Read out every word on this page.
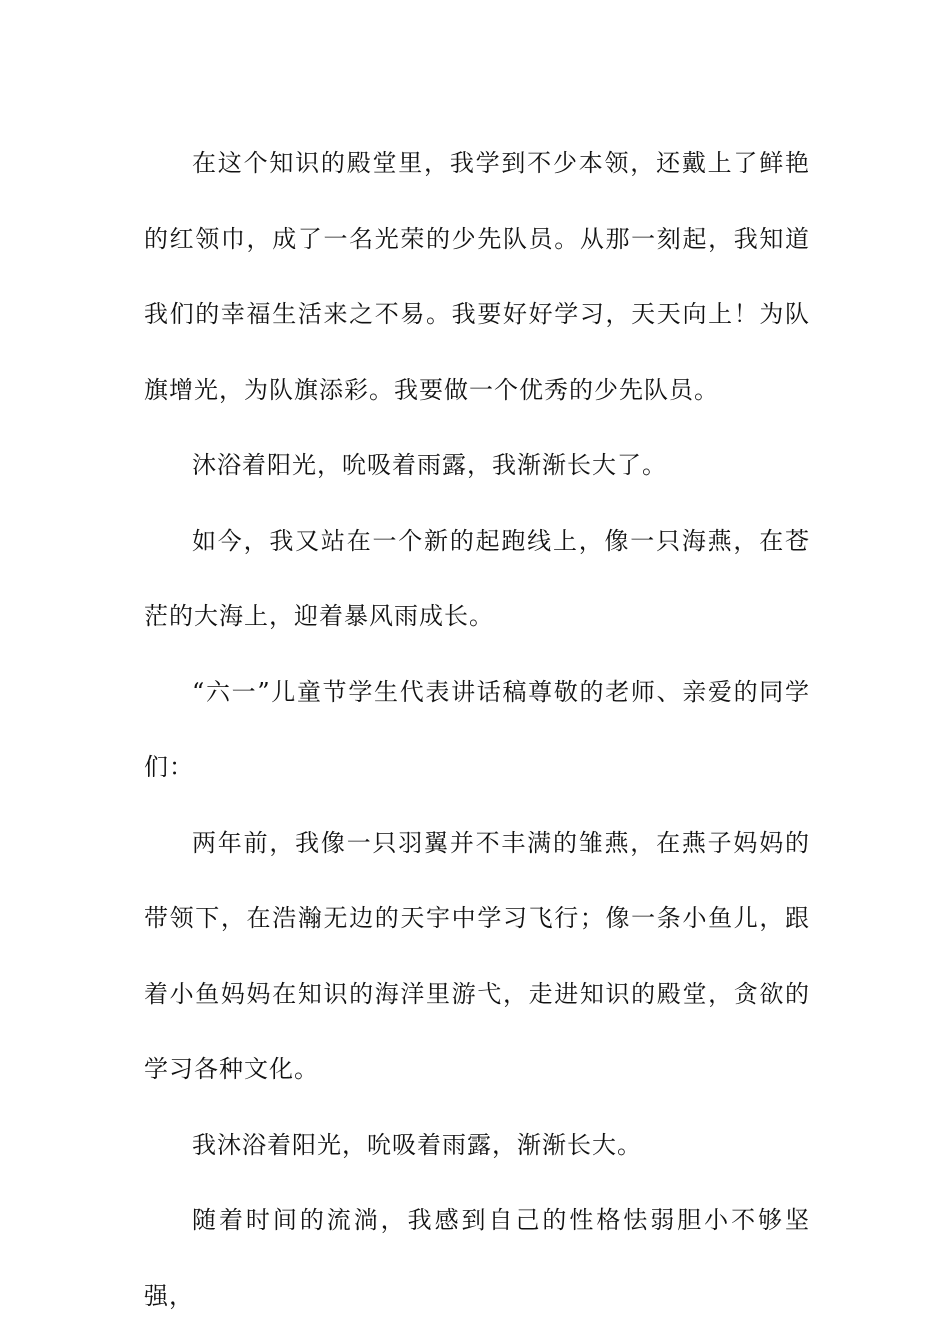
在这个知识的殿堂里，我学到不少本领，还戴上了鲜艳的红领巾，成了一名光荣的少先队员。从那一刻起，我知道我们的幸福生活来之不易。我要好好学习，天天向上！为队旗增光，为队旗添彩。我要做一个优秀的少先队员。

沐浴着阳光，吮吸着雨露，我渐渐长大了。

如今，我又站在一个新的起跑线上，像一只海燕，在苍茫的大海上，迎着暴风雨成长。

“六一”儿童节学生代表讲话稿尊敬的老师、亲爱的同学们：

两年前，我像一只羽翼并不丰满的雏燕，在燕子妈妈的带领下，在浩瀚无边的天宇中学习飞行；像一条小鱼儿，跟着小鱼妈妈在知识的海洋里游弋，走进知识的殿堂，贪欲的学习各种文化。

我沐浴着阳光，吮吸着雨露，渐渐长大。

随着时间的流淌，我感到自己的性格怯弱胆小不够坚强，
